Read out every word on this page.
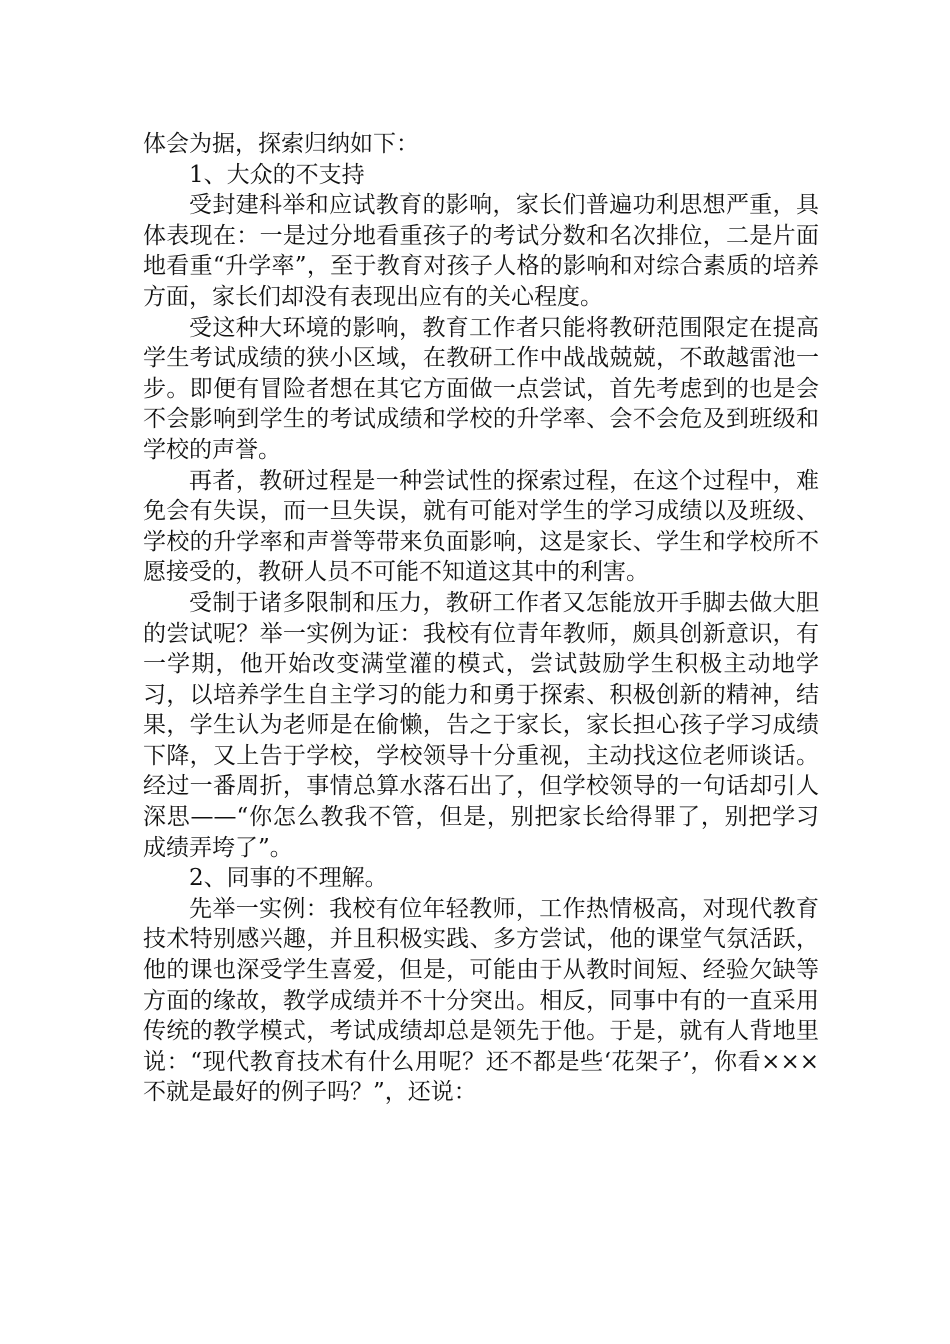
体会为据，探索归纳如下：

1、大众的不支持

受封建科举和应试教育的影响，家长们普遍功利思想严重，具体表现在：一是过分地看重孩子的考试分数和名次排位，二是片面地看重“升学率”，至于教育对孩子人格的影响和对综合素质的培养方面，家长们却没有表现出应有的关心程度。

受这种大环境的影响，教育工作者只能将教研范围限定在提高学生考试成绩的狭小区域，在教研工作中战战兢兢，不敢越雷池一步。即便有冒险者想在其它方面做一点尝试，首先考虑到的也是会不会影响到学生的考试成绩和学校的升学率、会不会危及到班级和学校的声誉。

再者，教研过程是一种尝试性的探索过程，在这个过程中，难免会有失误，而一旦失误，就有可能对学生的学习成绩以及班级、学校的升学率和声誉等带来负面影响，这是家长、学生和学校所不愿接受的，教研人员不可能不知道这其中的利害。

受制于诸多限制和压力，教研工作者又怎能放开手脚去做大胆的尝试呢？举一实例为证：我校有位青年教师，颇具创新意识，有一学期，他开始改变满堂灌的模式，尝试鼓励学生积极主动地学习，以培养学生自主学习的能力和勇于探索、积极创新的精神，结果，学生认为老师是在偷懒，告之于家长，家长担心孩子学习成绩下降，又上告于学校，学校领导十分重视，主动找这位老师谈话。经过一番周折，事情总算水落石出了，但学校领导的一句话却引人深思——“你怎么教我不管，但是，别把家长给得罪了，别把学习成绩弄垮了”。

2、同事的不理解。

先举一实例：我校有位年轻教师，工作热情极高，对现代教育技术特别感兴趣，并且积极实践、多方尝试，他的课堂气氛活跃，他的课也深受学生喜爱，但是，可能由于从教时间短、经验欠缺等方面的缘故，教学成绩并不十分突出。相反，同事中有的一直采用传统的教学模式，考试成绩却总是领先于他。于是，就有人背地里说：“现代教育技术有什么用呢？还不都是些‘花架子’，你看×××不就是最好的例子吗？”，还说：
